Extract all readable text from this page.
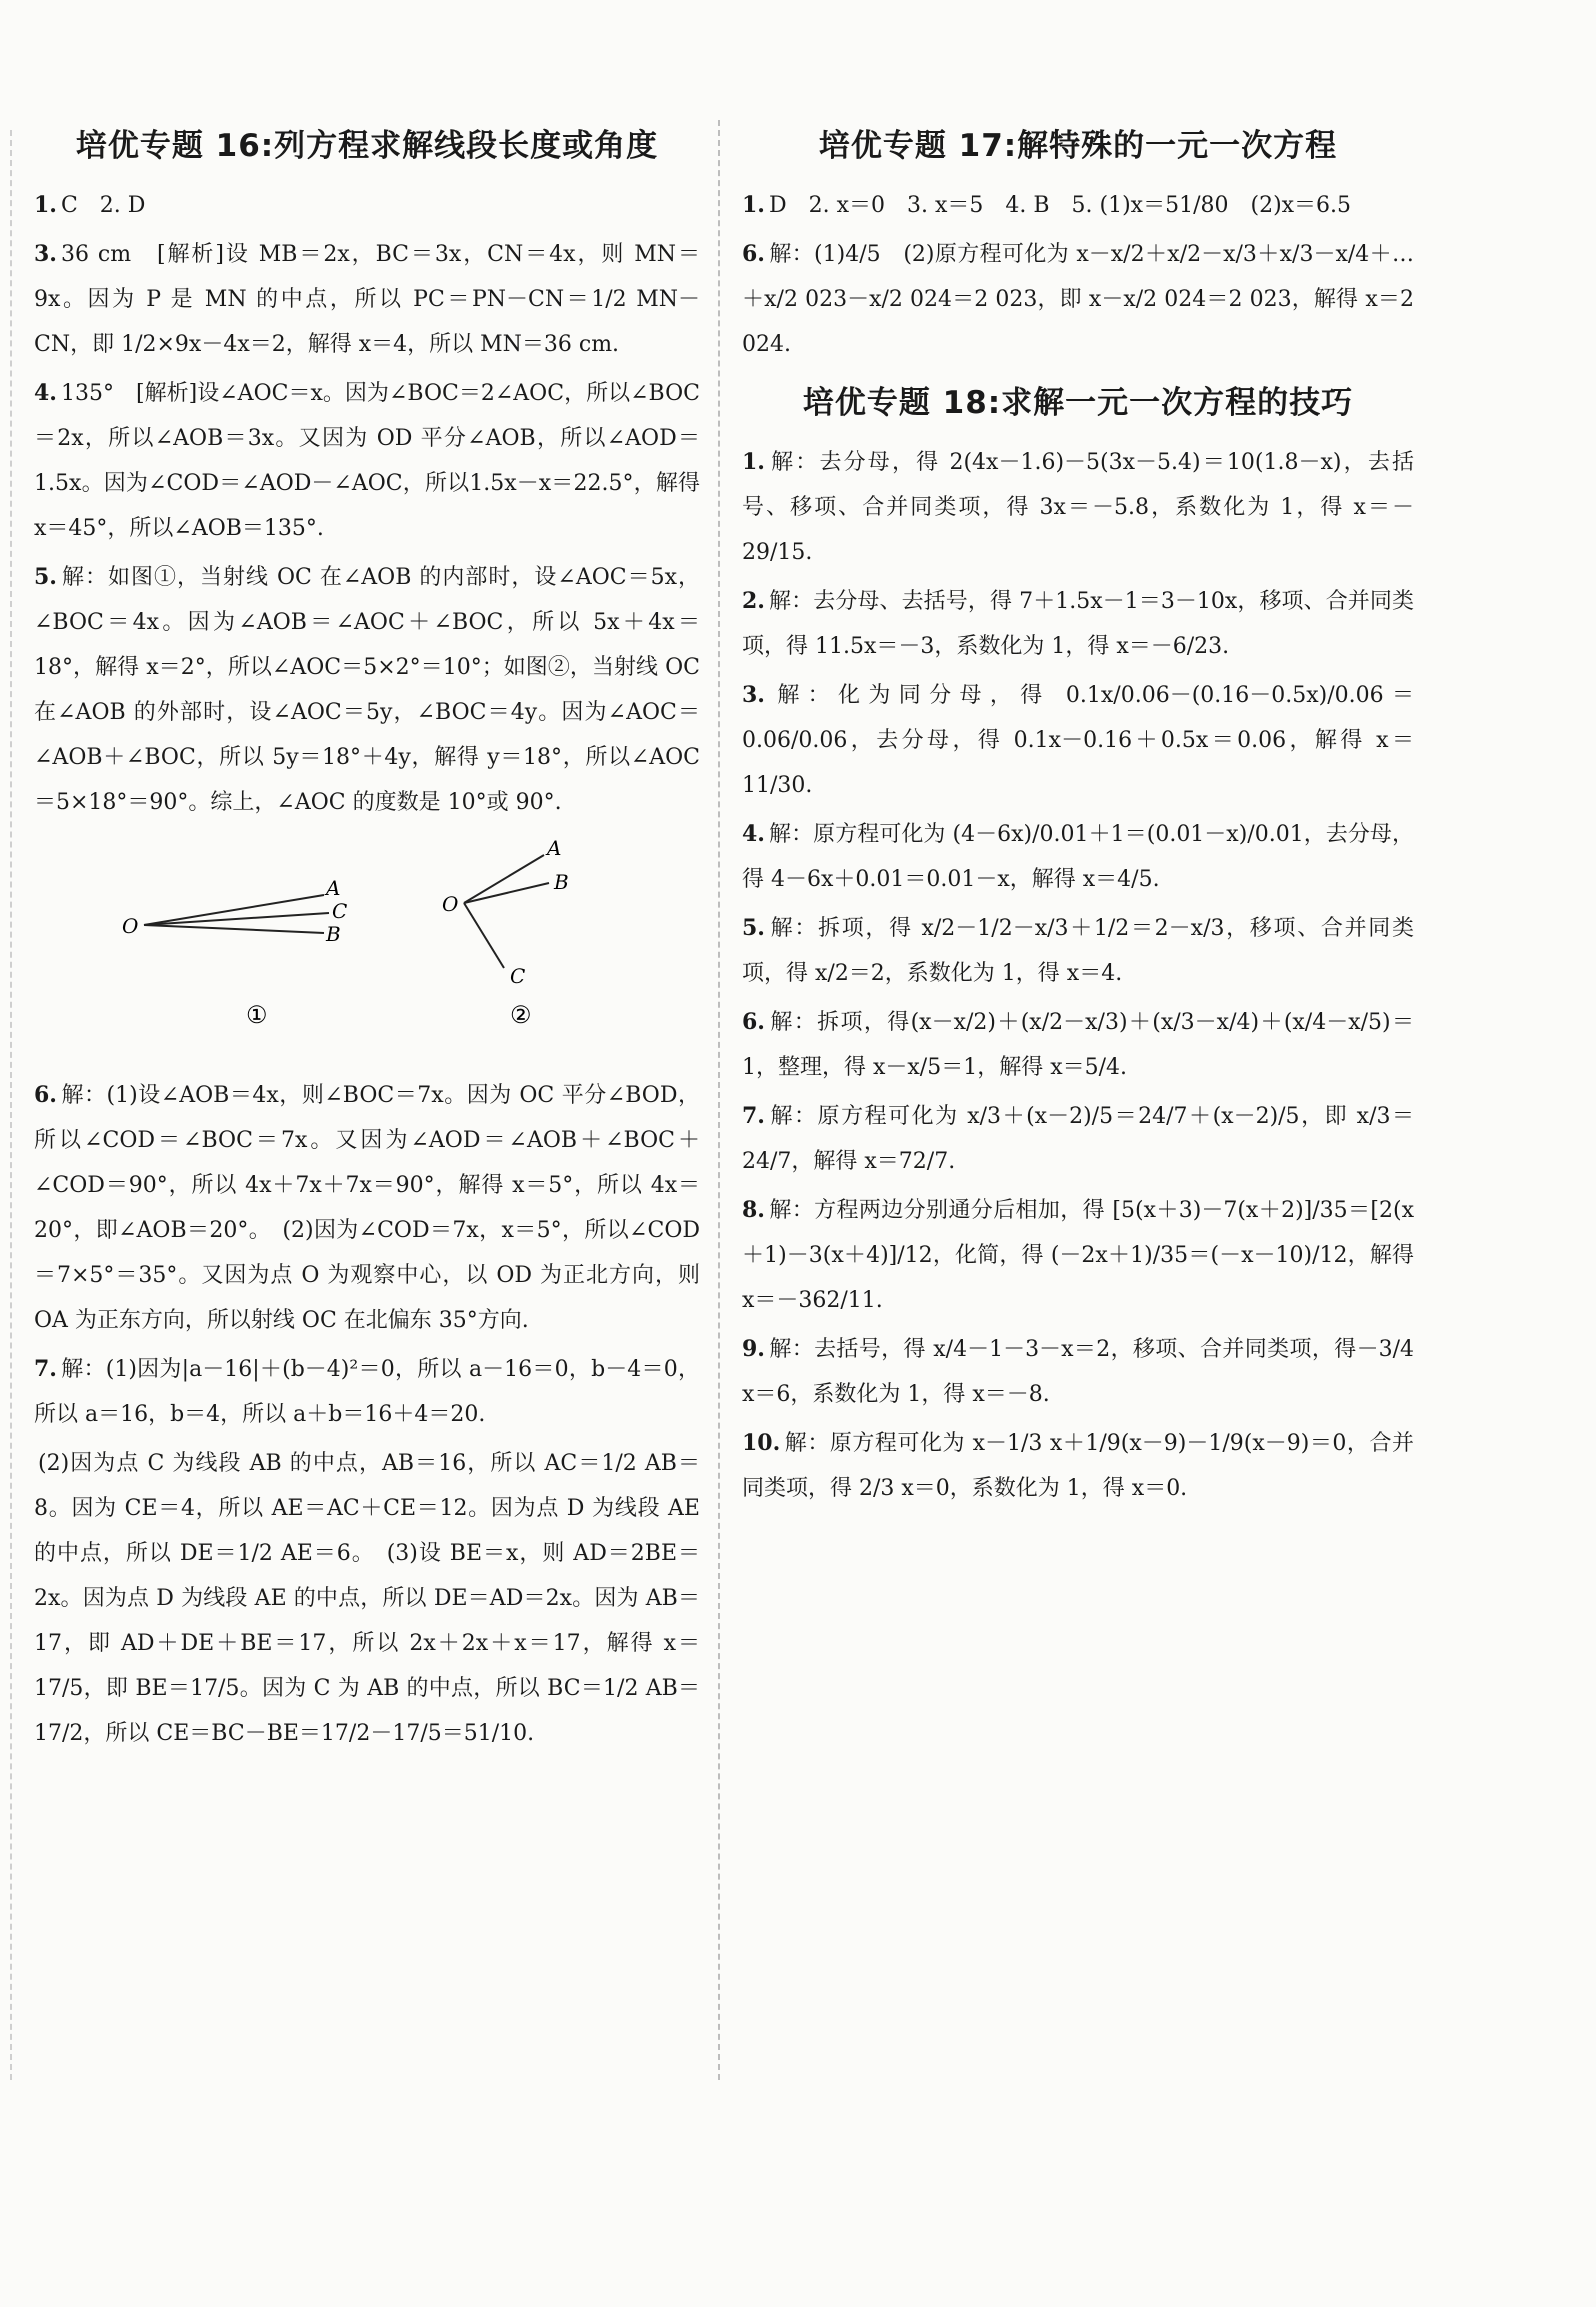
培优专题 16:列方程求解线段长度或角度
1. C　2. D
3. 36 cm　[解析]设 MB＝2x，BC＝3x，CN＝4x，则 MN＝9x。因为 P 是 MN 的中点，所以 PC＝PN－CN＝1/2 MN－CN，即 1/2×9x－4x＝2，解得 x＝4，所以 MN＝36 cm.
4. 135°　[解析]设∠AOC＝x。因为∠BOC＝2∠AOC，所以∠BOC＝2x，所以∠AOB＝3x。又因为 OD 平分∠AOB，所以∠AOD＝1.5x。因为∠COD＝∠AOD－∠AOC，所以1.5x－x＝22.5°，解得 x＝45°，所以∠AOB＝135°.
5. 解：如图①，当射线 OC 在∠AOB 的内部时，设∠AOC＝5x，∠BOC＝4x。因为∠AOB＝∠AOC＋∠BOC，所以 5x＋4x＝18°，解得 x＝2°，所以∠AOC＝5×2°＝10°；如图②，当射线 OC 在∠AOB 的外部时，设∠AOC＝5y，∠BOC＝4y。因为∠AOC＝∠AOB＋∠BOC，所以 5y＝18°＋4y，解得 y＝18°，所以∠AOC＝5×18°＝90°。综上，∠AOC 的度数是 10°或 90°.
O
A
C
B
①
O
A
B
C
②
6. 解：(1)设∠AOB＝4x，则∠BOC＝7x。因为 OC 平分∠BOD，所以∠COD＝∠BOC＝7x。又因为∠AOD＝∠AOB＋∠BOC＋∠COD＝90°，所以 4x＋7x＋7x＝90°，解得 x＝5°，所以 4x＝20°，即∠AOB＝20°。　(2)因为∠COD＝7x，x＝5°，所以∠COD＝7×5°＝35°。又因为点 O 为观察中心，以 OD 为正北方向，则 OA 为正东方向，所以射线 OC 在北偏东 35°方向.
7. 解：(1)因为|a－16|＋(b－4)²＝0，所以 a－16＝0，b－4＝0，所以 a＝16，b＝4，所以 a＋b＝16＋4＝20.
(2)因为点 C 为线段 AB 的中点，AB＝16，所以 AC＝1/2 AB＝8。因为 CE＝4，所以 AE＝AC＋CE＝12。因为点 D 为线段 AE 的中点，所以 DE＝1/2 AE＝6。　(3)设 BE＝x，则 AD＝2BE＝2x。因为点 D 为线段 AE 的中点，所以 DE＝AD＝2x。因为 AB＝17，即 AD＋DE＋BE＝17，所以 2x＋2x＋x＝17，解得 x＝17/5，即 BE＝17/5。因为 C 为 AB 的中点，所以 BC＝1/2 AB＝17/2，所以 CE＝BC－BE＝17/2－17/5＝51/10.
培优专题 17:解特殊的一元一次方程
1. D　2. x＝0　3. x＝5　4. B　5. (1)x＝51/80　(2)x＝6.5
6. 解：(1)4/5　(2)原方程可化为 x－x/2＋x/2－x/3＋x/3－x/4＋…＋x/2 023－x/2 024＝2 023，即 x－x/2 024＝2 023，解得 x＝2 024.
培优专题 18:求解一元一次方程的技巧
1. 解：去分母，得 2(4x－1.6)－5(3x－5.4)＝10(1.8－x)，去括号、移项、合并同类项，得 3x＝－5.8，系数化为 1，得 x＝－29/15.
2. 解：去分母、去括号，得 7＋1.5x－1＝3－10x，移项、合并同类项，得 11.5x＝－3，系数化为 1，得 x＝－6/23.
3. 解：化为同分母，得 0.1x/0.06－(0.16－0.5x)/0.06＝0.06/0.06，去分母，得 0.1x－0.16＋0.5x＝0.06，解得 x＝11/30.
4. 解：原方程可化为 (4－6x)/0.01＋1＝(0.01－x)/0.01，去分母，得 4－6x＋0.01＝0.01－x，解得 x＝4/5.
5. 解：拆项，得 x/2－1/2－x/3＋1/2＝2－x/3，移项、合并同类项，得 x/2＝2，系数化为 1，得 x＝4.
6. 解：拆项，得(x－x/2)＋(x/2－x/3)＋(x/3－x/4)＋(x/4－x/5)＝1，整理，得 x－x/5＝1，解得 x＝5/4.
7. 解：原方程可化为 x/3＋(x－2)/5＝24/7＋(x－2)/5，即 x/3＝24/7，解得 x＝72/7.
8. 解：方程两边分别通分后相加，得 [5(x＋3)－7(x＋2)]/35＝[2(x＋1)－3(x＋4)]/12，化简，得 (－2x＋1)/35＝(－x－10)/12，解得 x＝－362/11.
9. 解：去括号，得 x/4－1－3－x＝2，移项、合并同类项，得－3/4 x＝6，系数化为 1，得 x＝－8.
10. 解：原方程可化为 x－1/3 x＋1/9(x－9)－1/9(x－9)＝0，合并同类项，得 2/3 x＝0，系数化为 1，得 x＝0.
